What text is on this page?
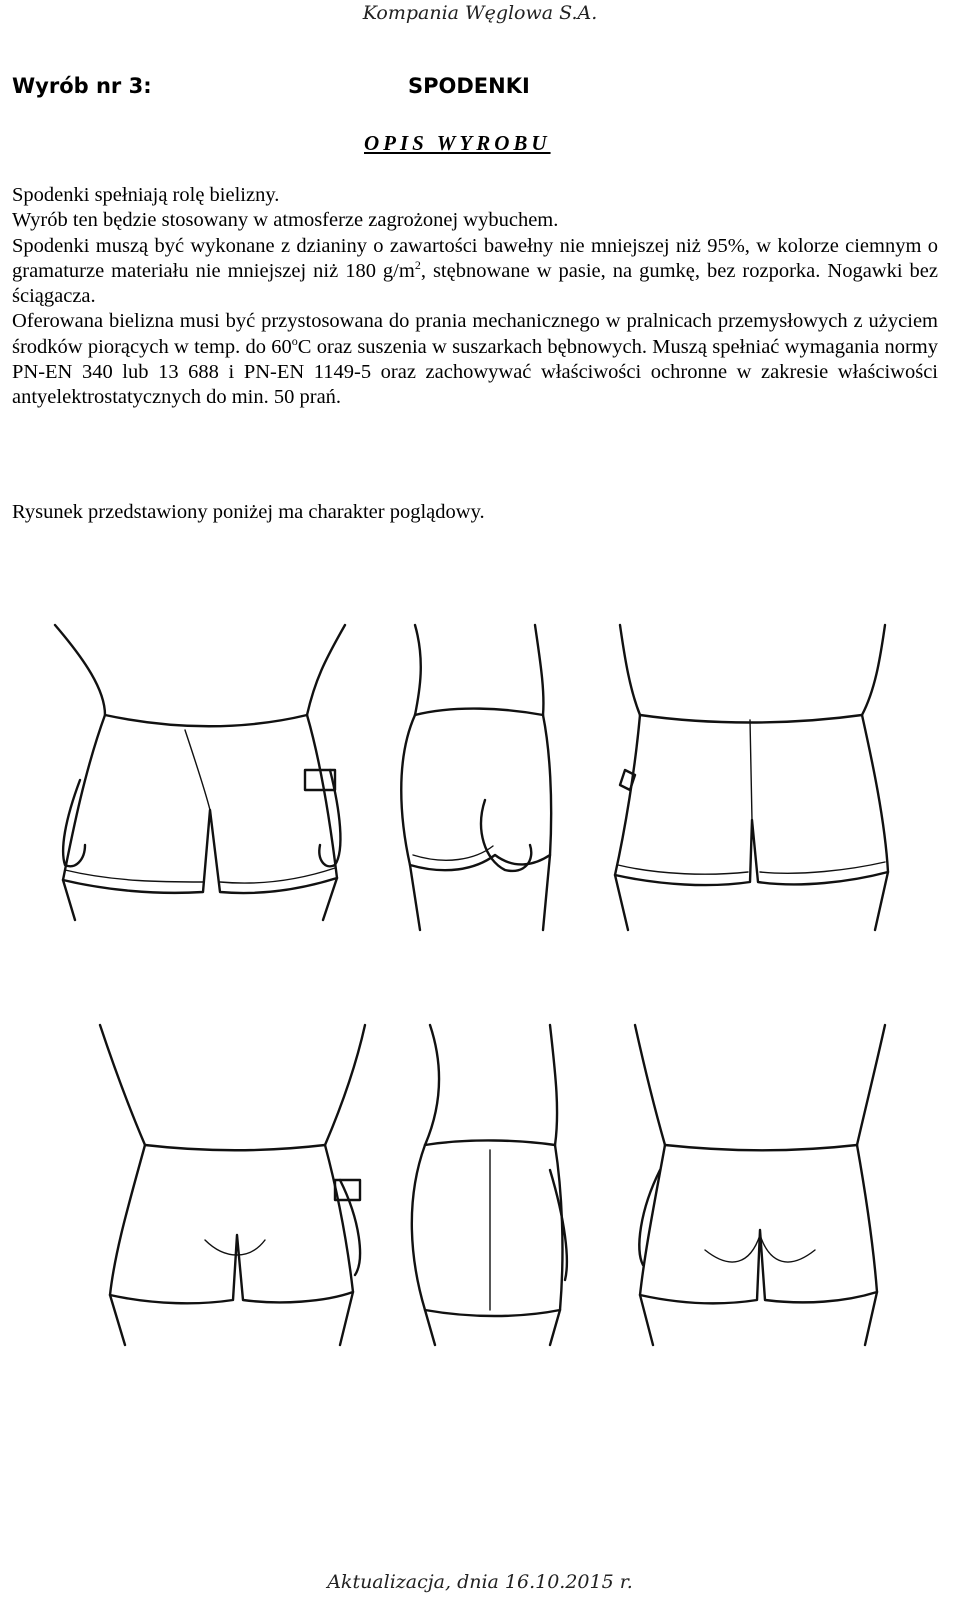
Kompania Węglowa S.A.
Wyrób nr 3:	SPODENKI
OPIS WYROBU

Spodenki spełniają rolę bielizny.

Wyrób ten będzie stosowany w atmosferze zagrożonej wybuchem.

Spodenki muszą być wykonane z dzianiny o zawartości bawełny nie mniejszej niż 95%, w kolorze ciemnym o gramaturze materiału nie mniejszej niż 180 $g/m^2$, stębnowane w pasie, na gumkę, bez rozporka. Nogawki bez ściągacza.

Oferowana bielizna musi być przystosowana do prania mechanicznego w pralnicach przemysłowych z użyciem środków piorących w temp. do 60$^o$C oraz suszenia w suszarkach bębnowych. Muszą spełniać wymagania normy PN-EN 340 lub 13 688 i PN-EN 1149-5 oraz zachowywać właściwości ochronne w zakresie właściwości antyelektrostatycznych do min. 50 prań.

Rysunek przedstawiony poniżej ma charakter poglądowy.

Aktualizacja, dnia 16.10.2015 r.
